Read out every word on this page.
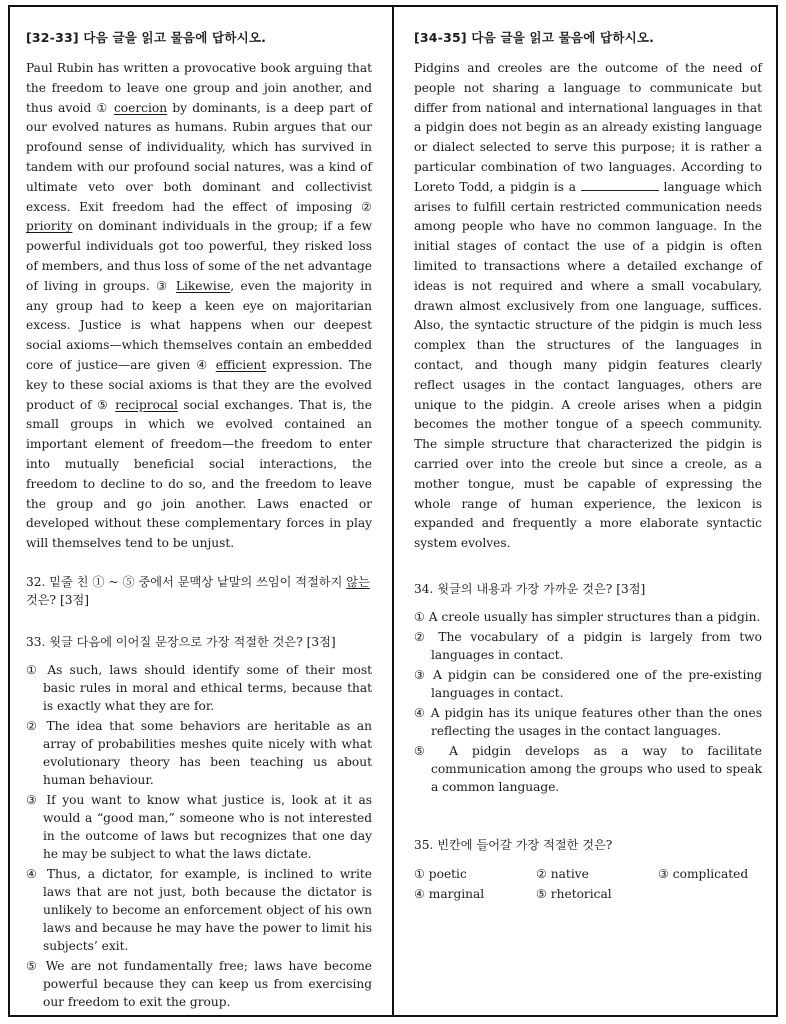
[32-33] 다음 글을 읽고 물음에 답하시오.

Paul Rubin has written a provocative book arguing that the freedom to leave one group and join another, and thus avoid ① coercion by dominants, is a deep part of our evolved natures as humans. Rubin argues that our profound sense of individuality, which has survived in tandem with our profound social natures, was a kind of ultimate veto over both dominant and collectivist excess. Exit freedom had the effect of imposing ② priority on dominant individuals in the group; if a few powerful individuals got too powerful, they risked loss of members, and thus loss of some of the net advantage of living in groups. ③ Likewise, even the majority in any group had to keep a keen eye on majoritarian excess. Justice is what happens when our deepest social axioms—which themselves contain an embedded core of justice—are given ④ efficient expression. The key to these social axioms is that they are the evolved product of ⑤ reciprocal social exchanges. That is, the small groups in which we evolved contained an important element of freedom—the freedom to enter into mutually beneficial social interactions, the freedom to decline to do so, and the freedom to leave the group and go join another. Laws enacted or developed without these complementary forces in play will themselves tend to be unjust.

32. 밑줄 친 ① ~ ⑤ 중에서 문맥상 낱말의 쓰임이 적절하지 않는 것은? [3점]

33. 윗글 다음에 이어질 문장으로 가장 적절한 것은? [3점]

① As such, laws should identify some of their most basic rules in moral and ethical terms, because that is exactly what they are for.

② The idea that some behaviors are heritable as an array of probabilities meshes quite nicely with what evolutionary theory has been teaching us about human behaviour.

③ If you want to know what justice is, look at it as would a “good man,” someone who is not interested in the outcome of laws but recognizes that one day he may be subject to what the laws dictate.

④ Thus, a dictator, for example, is inclined to write laws that are not just, both because the dictator is unlikely to become an enforcement object of his own laws and because he may have the power to limit his subjects’ exit.

⑤ We are not fundamentally free; laws have become powerful because they can keep us from exercising our freedom to exit the group.

[34-35] 다음 글을 읽고 물음에 답하시오.

Pidgins and creoles are the outcome of the need of people not sharing a language to communicate but differ from national and international languages in that a pidgin does not begin as an already existing language or dialect selected to serve this purpose; it is rather a particular combination of two languages. According to Loreto Todd, a pidgin is a	language which arises to fulfill certain restricted communication needs among people who have no common language. In the initial stages of contact the use of a pidgin is often limited to transactions where a detailed exchange of ideas is not required and where a small vocabulary, drawn almost exclusively from one language, suffices. Also, the syntactic structure of the pidgin is much less complex than the structures of the languages in contact, and though many pidgin features clearly reflect usages in the contact languages, others are unique to the pidgin. A creole arises when a pidgin becomes the mother tongue of a speech community. The simple structure that characterized the pidgin is carried over into the creole but since a creole, as a mother tongue, must be capable of expressing the whole range of human experience, the lexicon is expanded and frequently a more elaborate syntactic system evolves.

34. 윗글의 내용과 가장 가까운 것은? [3점]

① A creole usually has simpler structures than a pidgin.

② The vocabulary of a pidgin is largely from two languages in contact.

③ A pidgin can be considered one of the pre-existing languages in contact.

④ A pidgin has its unique features other than the ones reflecting the usages in the contact languages.

⑤ A pidgin develops as a way to facilitate communication among the groups who used to speak a common language.

35. 빈칸에 들어갈 가장 적절한 것은?

① poetic	② native	③ complicated
④ marginal	⑤ rhetorical
